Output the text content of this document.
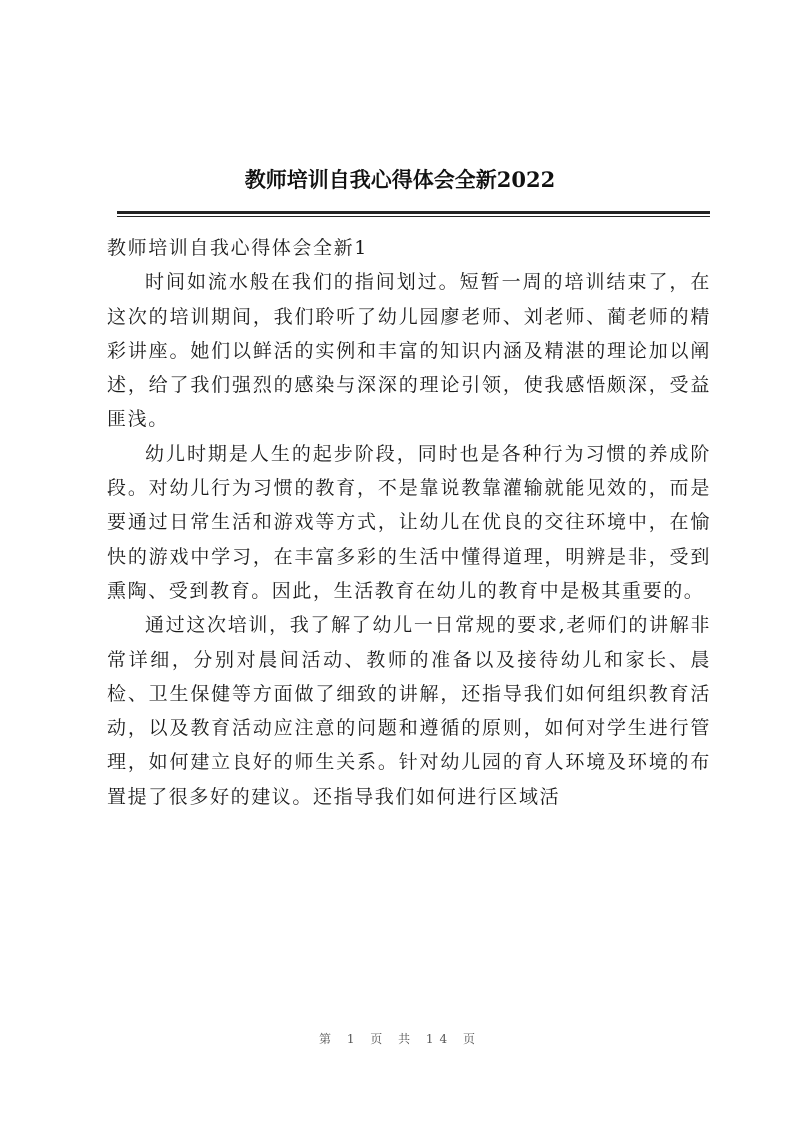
教师培训自我心得体会全新2022

教师培训自我心得体会全新1

时间如流水般在我们的指间划过。短暂一周的培训结束了，在这次的培训期间，我们聆听了幼儿园廖老师、刘老师、蔺老师的精彩讲座。她们以鲜活的实例和丰富的知识内涵及精湛的理论加以阐述，给了我们强烈的感染与深深的理论引领，使我感悟颇深，受益匪浅。

幼儿时期是人生的起步阶段，同时也是各种行为习惯的养成阶段。对幼儿行为习惯的教育，不是靠说教靠灌输就能见效的，而是要通过日常生活和游戏等方式，让幼儿在优良的交往环境中，在愉快的游戏中学习，在丰富多彩的生活中懂得道理，明辨是非，受到熏陶、受到教育。因此，生活教育在幼儿的教育中是极其重要的。

通过这次培训，我了解了幼儿一日常规的要求,老师们的讲解非常详细，分别对晨间活动、教师的准备以及接待幼儿和家长、晨检、卫生保健等方面做了细致的讲解，还指导我们如何组织教育活动，以及教育活动应注意的问题和遵循的原则，如何对学生进行管理，如何建立良好的师生关系。针对幼儿园的育人环境及环境的布置提了很多好的建议。还指导我们如何进行区域活

第 1 页 共 14 页
